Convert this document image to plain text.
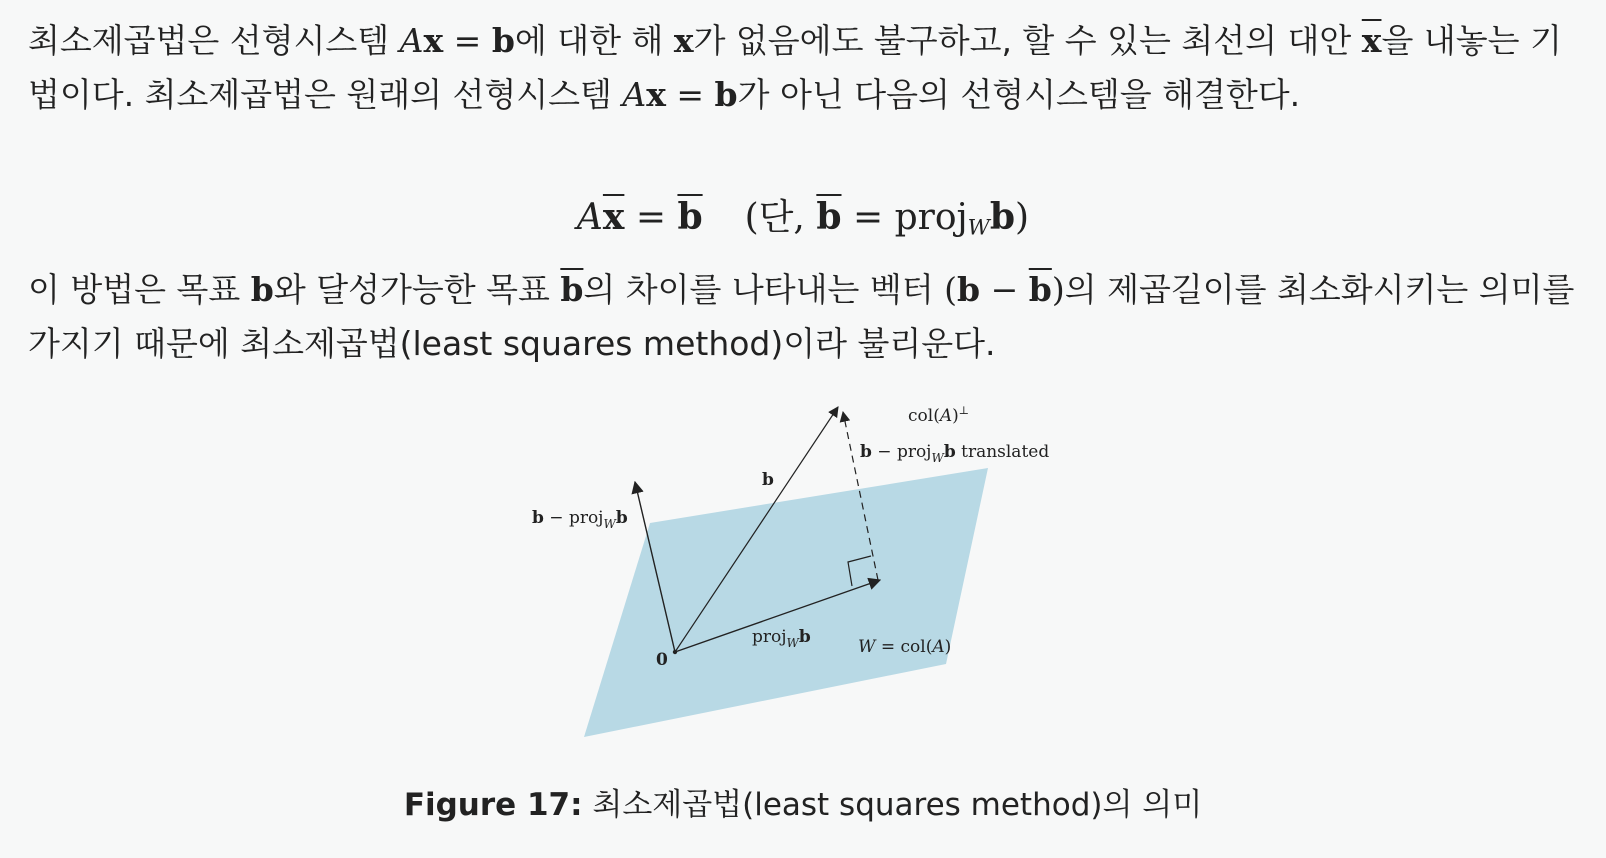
최소제곱법은 선형시스템 Ax = b에 대한 해 x가 없음에도 불구하고, 할 수 있는 최선의 대안 $\overline{x}$을 내놓는 기법이다. 최소제곱법은 원래의 선형시스템 Ax = b가 아닌 다음의 선형시스템을 해결한다.

$A\overline{x} = \overline{b}$ (단, $\overline{b}$ = proj$_W$b)

이 방법은 목표 b와 달성가능한 목표 $\overline{b}$의 차이를 나타내는 벡터 $(b - \overline{b})$의 제곱길이를 최소화시키는 의미를 가지기 때문에 최소제곱법(least squares method)이라 불리운다.

col(A)⊥
b − proj$_W$b translated
b
b − proj$_W$b
proj$_W$b
0
W = col(A)
Figure 17: 최소제곱법(least squares method)의 의미
